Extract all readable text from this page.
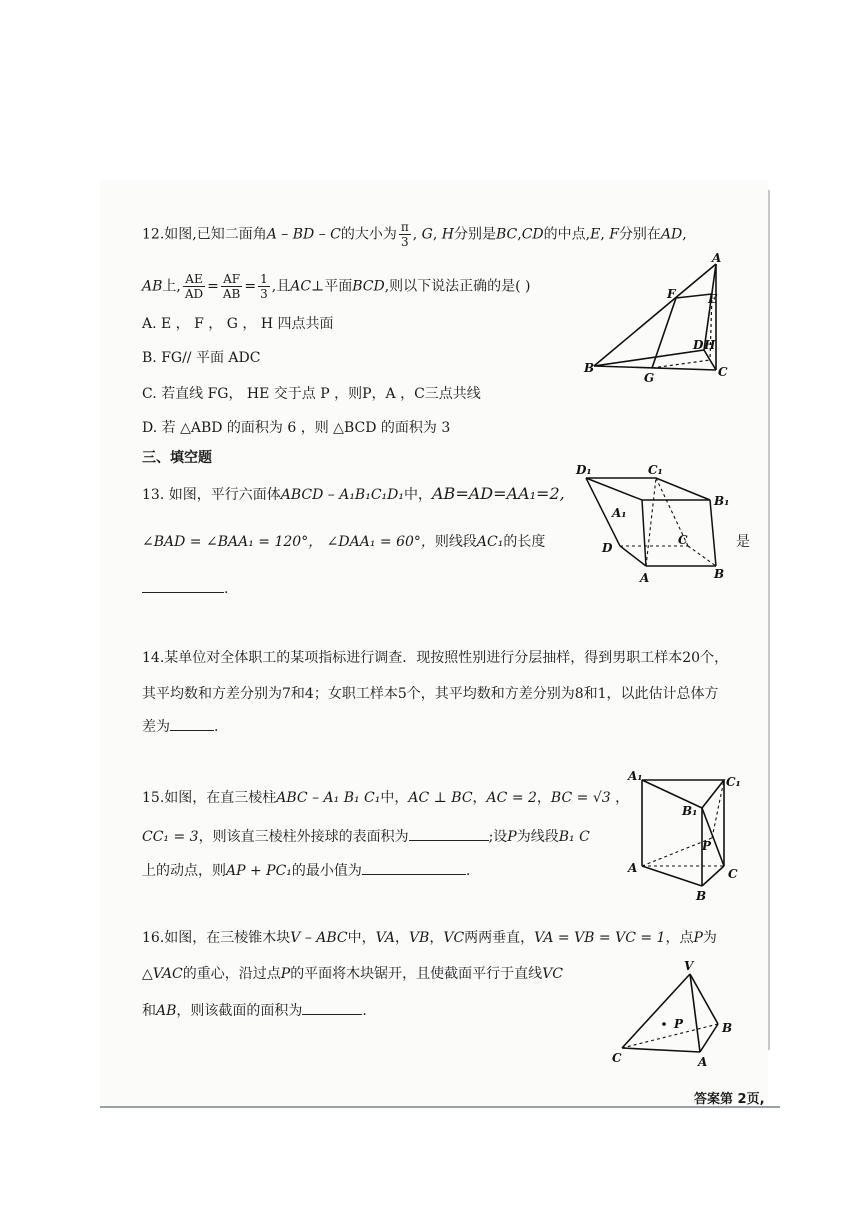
12.如图,已知二面角A – BD – C的大小为 $\frac{\pi}{3}$ , G, H分别是BC,CD的中点,E, F分别在AD,
AB上, $\frac{AE}{AD} = \frac{AF}{AB} = \frac{1}{3}$ ,且AC⊥平面BCD,则以下说法正确的是( )
A. E ， F ， G ， H 四点共面
B. FG// 平面 ADC
C. 若直线 FG， HE 交于点 P ，则P，A ，C三点共线
D. 若 △ABD 的面积为 6 ，则 △BCD 的面积为 3
A
B	C
D
E
F
G
H
三、填空题
13. 如图，平行六面体ABCD – A₁B₁C₁D₁中，AB=AD=AA₁=2,
∠BAD = ∠BAA₁ = 120°， ∠DAA₁ = 60°，则线段AC₁的长度	是
.
D₁	C₁
B₁
A₁
D
C
A	B
14.某单位对全体职工的某项指标进行调查．现按照性别进行分层抽样，得到男职工样本20个，
其平均数和方差分别为7和4；女职工样本5个，其平均数和方差分别为8和1，以此估计总体方
差为	.
15.如图，在直三棱柱ABC – A₁ B₁ C₁中，AC ⊥ BC，AC = 2，BC = √3 ，
CC₁ = 3，则该直三棱柱外接球的表面积为	;设P为线段B₁ C
上的动点，则AP + PC₁的最小值为	.
A₁	C₁
B₁
P
A
B
C
16.如图，在三棱锥木块V – ABC中，VA，VB，VC两两垂直，VA = VB = VC = 1，点P为
△VAC的重心，沿过点P的平面将木块锯开，且使截面平行于直线VC
和AB，则该截面的面积为	.
V
P	B
C	A
答案第 2页,
